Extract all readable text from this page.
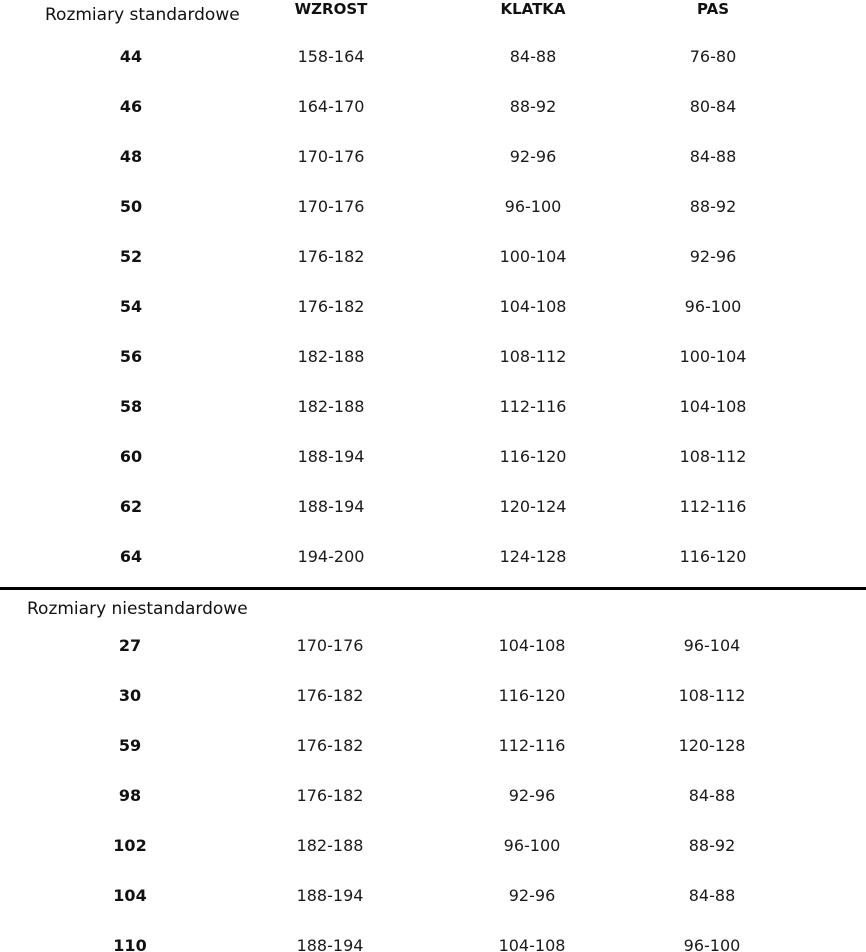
Rozmiary standardowe	WZROST	KLATKA	PAS
44	158-164	84-88	76-80
46	164-170	88-92	80-84
48	170-176	92-96	84-88
50	170-176	96-100	88-92
52	176-182	100-104	92-96
54	176-182	104-108	96-100
56	182-188	108-112	100-104
58	182-188	112-116	104-108
60	188-194	116-120	108-112
62	188-194	120-124	112-116
64	194-200	124-128	116-120
Rozmiary niestandardowe
27	170-176	104-108	96-104
30	176-182	116-120	108-112
59	176-182	112-116	120-128
98	176-182	92-96	84-88
102	182-188	96-100	88-92
104	188-194	92-96	84-88
110	188-194	104-108	96-100
